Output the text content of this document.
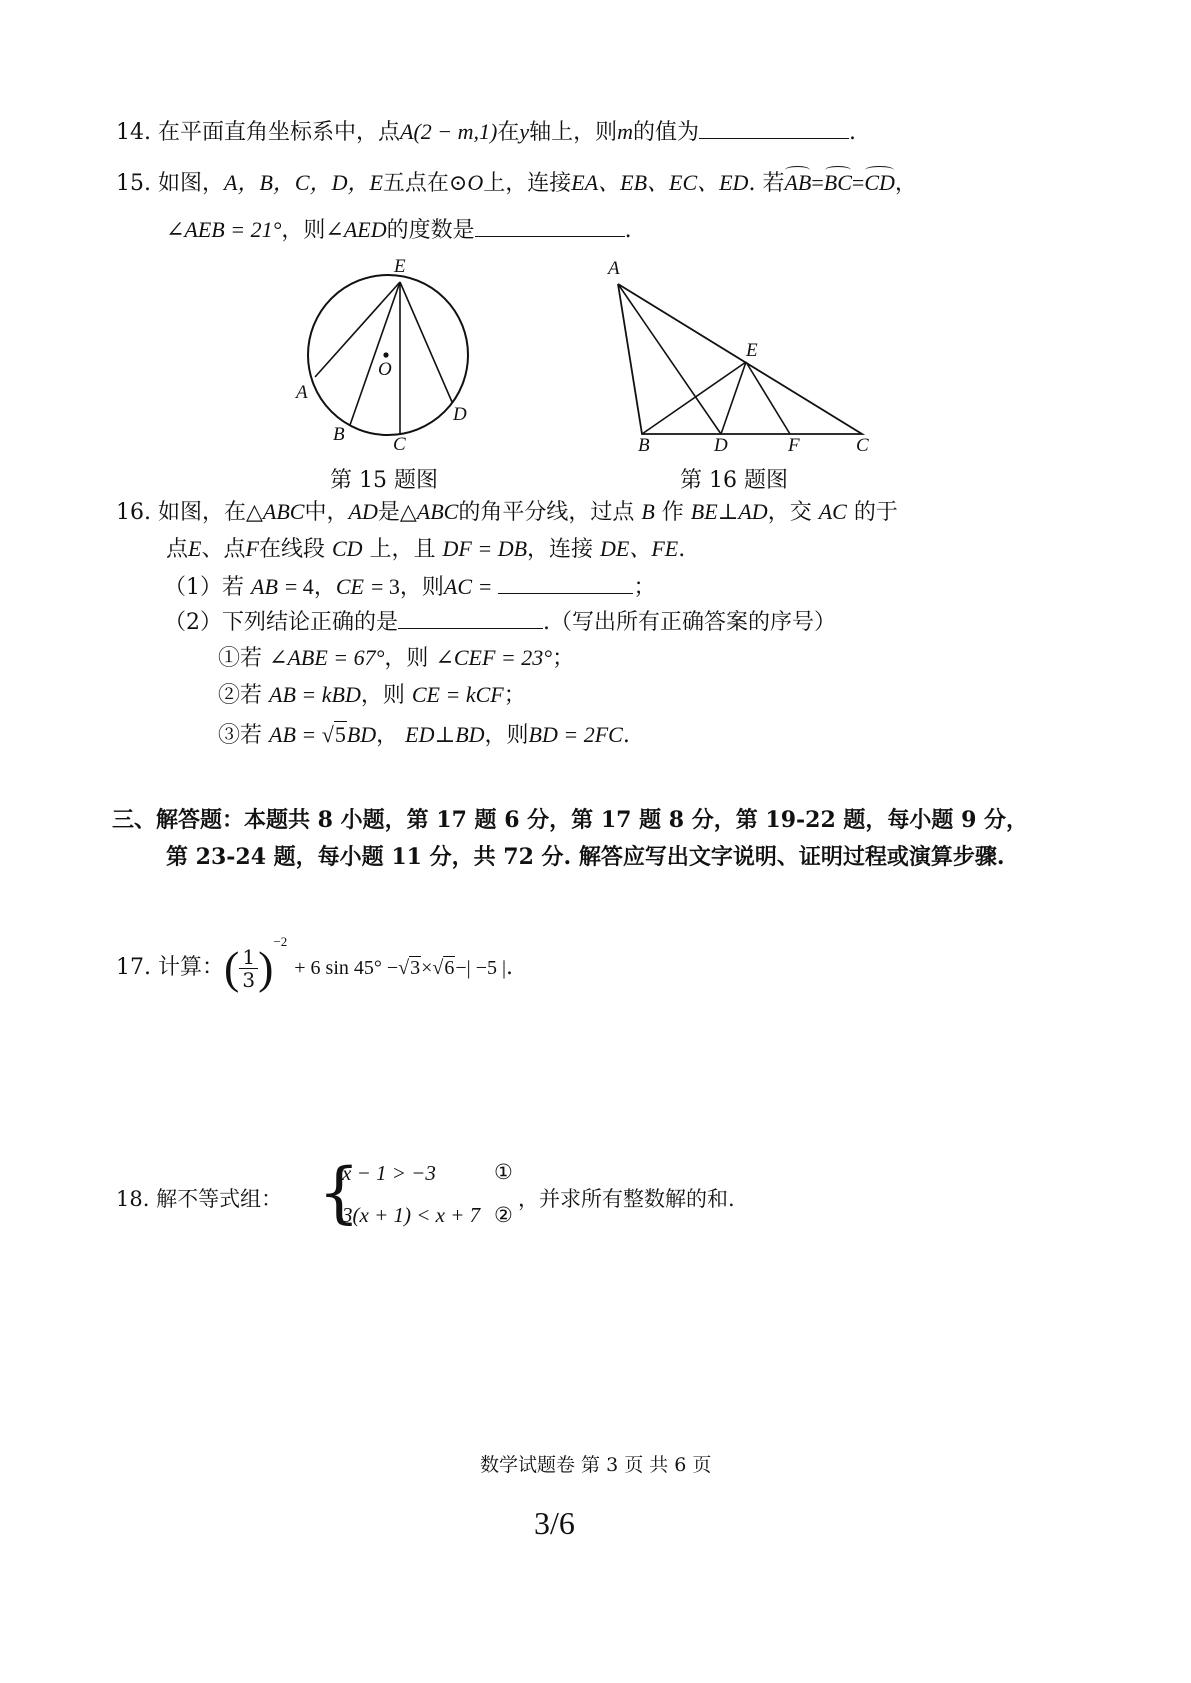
14. 在平面直角坐标系中，点A(2 − m,1)在y轴上，则m的值为	.
15. 如图，A，B，C，D，E五点在⊙O上，连接EA、EB、EC、ED. 若AB=BC=CD，
∠AEB = 21°，则∠AED的度数是	.
E
O
A
B	C
D
第 15 题图
A
E
B	D	F	C
第 16 题图
16. 如图，在△ABC中，AD是△ABC的角平分线，过点 B 作 BE⊥AD，交 AC 的于
点E、点F在线段 CD 上，且 DF = DB，连接 DE、FE.
（1）若 AB = 4，CE = 3，则AC =	；
（2）下列结论正确的是	.（写出所有正确答案的序号）
①若 ∠ABE = 67°，则 ∠CEF = 23°；
②若 AB = kBD，则 CE = kCF；
③若 AB = √5BD， ED⊥BD，则BD = 2FC.
三、解答题：本题共 8 小题，第 17 题 6 分，第 17 题 8 分，第 19-22 题，每小题 9 分，
第 23-24 题，每小题 11 分，共 72 分. 解答应写出文字说明、证明过程或演算步骤.
17. 计算：( $\frac{1}{3} )^{-2} + 6$ sin 45° −√3×√6−| −5 |.
18. 解不等式组： {
x − 1 > −3
3(x + 1) < x + 7
①
②
，并求所有整数解的和.
数学试题卷 第 3 页 共 6 页
3/6
